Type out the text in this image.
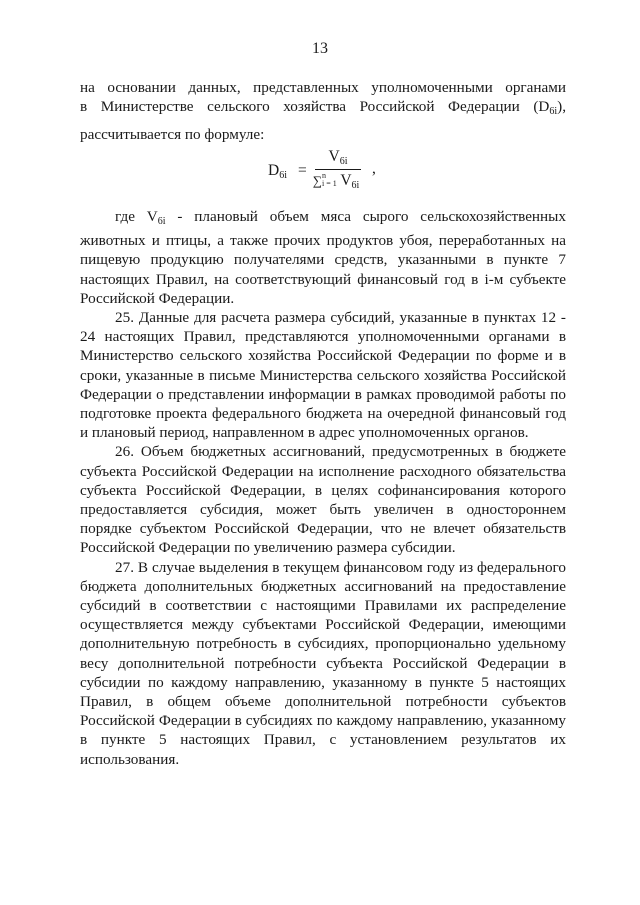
13

на основании данных, представленных уполномоченными органами

в Министерстве сельского хозяйства Российской Федерации $(D_{6i})$,

рассчитывается по формуле:

$D_{6i}$ =
$V_{6i}$
∑n
i = 1 $V_{6i}$
,

где $V_{6i}$ - плановый объем мяса сырого сельскохозяйственных животных и птицы, а также прочих продуктов убоя, переработанных на пищевую продукцию получателями средств, указанными в пункте 7 настоящих Правил, на соответствующий финансовый год в i-м субъекте Российской Федерации.

25. Данные для расчета размера субсидий, указанные в пунктах 12 - 24 настоящих Правил, представляются уполномоченными органами в Министерство сельского хозяйства Российской Федерации по форме и в сроки, указанные в письме Министерства сельского хозяйства Российской Федерации о представлении информации в рамках проводимой работы по подготовке проекта федерального бюджета на очередной финансовый год и плановый период, направленном в адрес уполномоченных органов.

26. Объем бюджетных ассигнований, предусмотренных в бюджете субъекта Российской Федерации на исполнение расходного обязательства субъекта Российской Федерации, в целях софинансирования которого предоставляется субсидия, может быть увеличен в одностороннем порядке субъектом Российской Федерации, что не влечет обязательств Российской Федерации по увеличению размера субсидии.

27. В случае выделения в текущем финансовом году из федерального бюджета дополнительных бюджетных ассигнований на предоставление субсидий в соответствии с настоящими Правилами их распределение осуществляется между субъектами Российской Федерации, имеющими дополнительную потребность в субсидиях, пропорционально удельному весу дополнительной потребности субъекта Российской Федерации в субсидии по каждому направлению, указанному в пункте 5 настоящих Правил, в общем объеме дополнительной потребности субъектов Российской Федерации в субсидиях по каждому направлению, указанному в пункте 5 настоящих Правил, с установлением результатов их использования.
